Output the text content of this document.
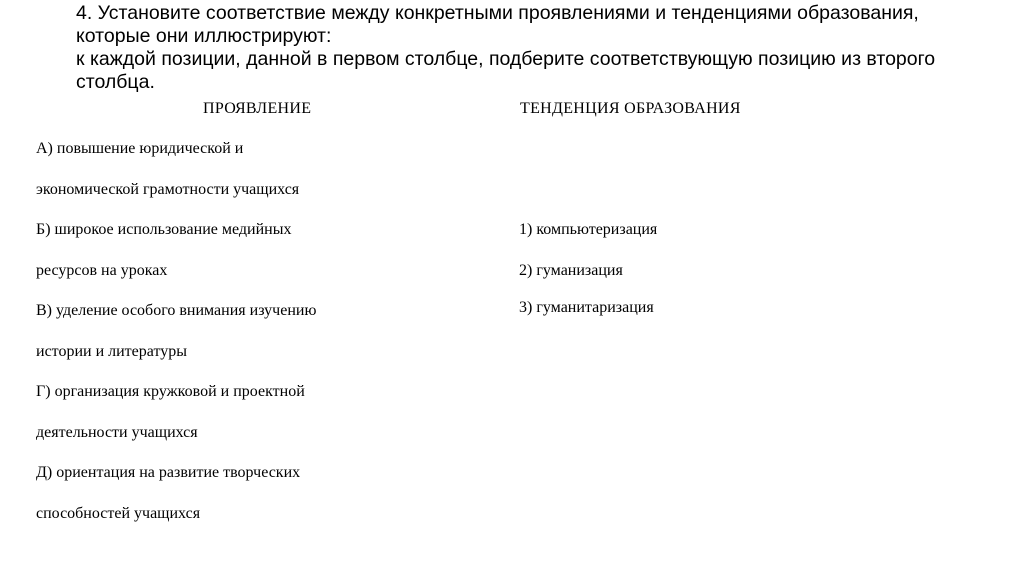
4. Установите соответствие между конкретными проявлениями и тенденциями образования,
которые они иллюстрируют:
к каждой позиции, данной в первом столбце, подберите соответствующую позицию из второго
столбца.
ПРОЯВЛЕНИЕ	ТЕНДЕНЦИЯ ОБРАЗОВАНИЯ
А) повышение юридической и
экономической грамотности учащихся
Б) широкое использование медийных
ресурсов на уроках
В) уделение особого внимания изучению
истории и литературы
Г) организация кружковой и проектной
деятельности учащихся
Д) ориентация на развитие творческих
способностей учащихся
1) компьютеризация
2) гуманизация
3) гуманитаризация
